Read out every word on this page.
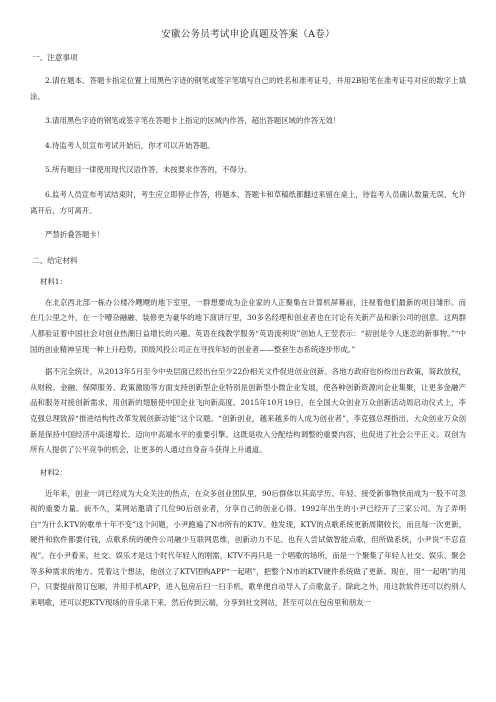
安徽公务员考试申论真题及答案（A卷）
一、注意事项

2.请在题本、答题卡指定位置上用黑色字迹的钢笔或签字笔填写自己的姓名和准考证号，并用2B铅笔在准考证号对应的数字上填涂。

3.请用黑色字迹的钢笔或签字笔在答题卡上指定的区域内作答，超出答题区域的作答无效！

4.待监考人员宣布考试开始后，你才可以开始答题。

5.所有题目一律使用现代汉语作答，未按要求作答的，不得分。

6.监考人员宣布考试结束时，考生应立即停止作答，将题本、答题卡和草稿纸都翻过来留在桌上，待监考人员确认数量无误、允许离开后，方可离开。

严禁折叠答题卡！

二、给定材料
材料1：

在北京西北部一栋办公楼冷飕飕的地下室里，一群想要成为企业家的人正聚集在计算机屏幕前，注视着他们最新的项目雏形。而在几公里之外，在一个嘈杂融融、装修更为豪华的地下演讲厅里，30多名经理和创业者也在讨论有关新产品和新公司的创意。这两群人都验证着中国社会对创业热潮日益增长的兴趣。英语在线教学服务“英语流利说”创始人王翌表示：“初创是令人迷恋的新事物。”“中国的创业精神呈现一种上升趋势。顶级风投公司正在寻找年轻的创业者——整套生态系统逐步形成。”

据不完全统计，从2013年5月至今中央层面已经出台至少22份相关文件促进创业创新。各地方政府也纷纷出台政策，简政放权，从财税、金融、保障服务、政策激励等方面支持创新型企业特别是创新型小微企业发展，使各种创新资源向企业集聚，让更多金融产品和服务对接创新需求，用创新的翅膀使中国企业飞向新高度。2015年10月19日，在全国大众创业万众创新活动周启动仪式上，李克强总理致辞“推进结构性改革发展创新动能”这个议题。“创新创业，越来越多的人成为创业者”，李克强总理指出，大众创业万众创新是保持中国经济中高速增长、迈向中高端水平的重要引擎。这既是收入分配结构调整的重要内容，也促进了社会公平正义。双创为所有人提供了公平竞争的机会，让更多的人通过自身奋斗获得上升通道。

材料2：

近年来，创业一词已经成为大众关注的热点，在众多创业团队里，90后群体以其高学历、年轻、接受新事物快而成为一股不可忽视的重要力量。前不久，某网站邀请了几位90后创业者，分享自己的创业心得。1992年出生的小尹已经开了三家公司。为了弄明白“为什么KTV的歌单十年不变”这个问题，小尹跑遍了N市所有的KTV。他发现，KTV的点歌系统更新周期较长，而且每一次更新，硬件和软件都要付钱，点歌系统的硬件公司融少互联网思维，创新动力不足。也有人尝试做智能点歌，但所做系统，小尹说“不忍直视”。在小尹看来，社交、娱乐才是这个时代年轻人的刚需，KTV不再只是一个唱歌的场所，而是一个聚集了年轻人社交、娱乐、聚会等多种需求的地方。凭着这个想法，他创立了KTV团购APP“一起唱”，把整个N市的KTV硬件系统做了更新。现在，用“一起唱”的用户，只要提前预订包厢，并用手机APP，进入包房后扫一扫手机，歌单便自动导入了点歌盒子。除此之外，用这款软件还可以约别人来唱歌，还可以把KTV现场的音乐录下来，然后传到云端，分享到社交网站，甚至可以在包房里和朋友一
